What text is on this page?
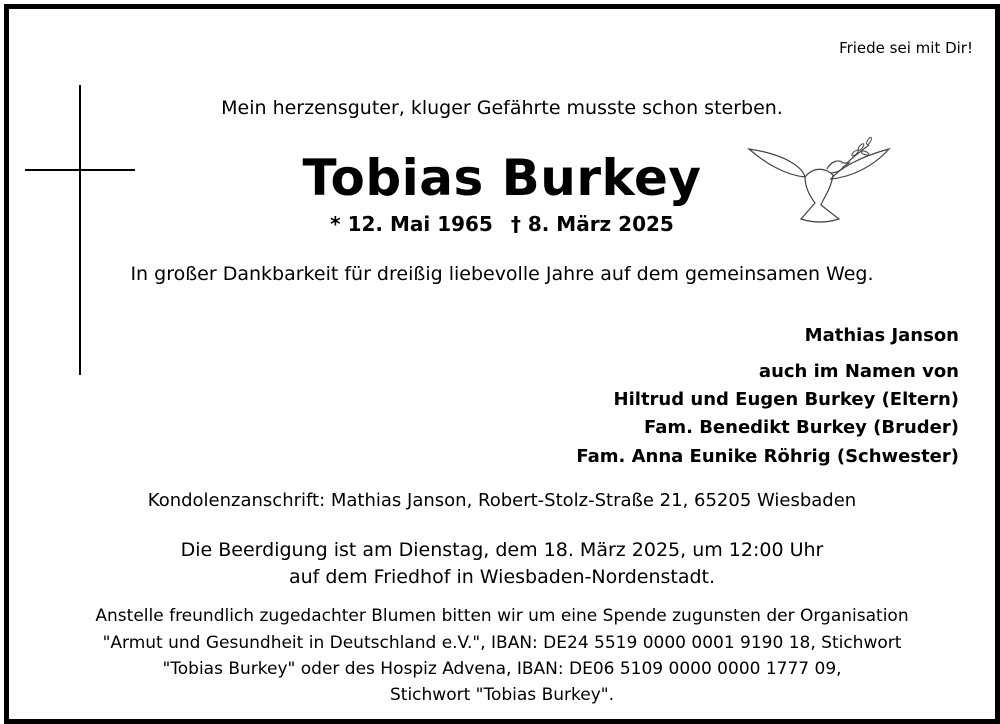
Friede sei mit Dir!
Mein herzensguter, kluger Gefährte musste schon sterben.
Tobias Burkey
* 12. Mai 1965 † 8. März 2025
In großer Dankbarkeit für dreißig liebevolle Jahre auf dem gemeinsamen Weg.
Mathias Janson
auch im Namen von
Hiltrud und Eugen Burkey (Eltern)
Fam. Benedikt Burkey (Bruder)
Fam. Anna Eunike Röhrig (Schwester)
Kondolenzanschrift: Mathias Janson, Robert-Stolz-Straße 21, 65205 Wiesbaden
Die Beerdigung ist am Dienstag, dem 18. März 2025, um 12:00 Uhr
auf dem Friedhof in Wiesbaden-Nordenstadt.
Anstelle freundlich zugedachter Blumen bitten wir um eine Spende zugunsten der Organisation
"Armut und Gesundheit in Deutschland e.V.", IBAN: DE24 5519 0000 0001 9190 18, Stichwort
"Tobias Burkey" oder des Hospiz Advena, IBAN: DE06 5109 0000 0000 1777 09,
Stichwort "Tobias Burkey".
